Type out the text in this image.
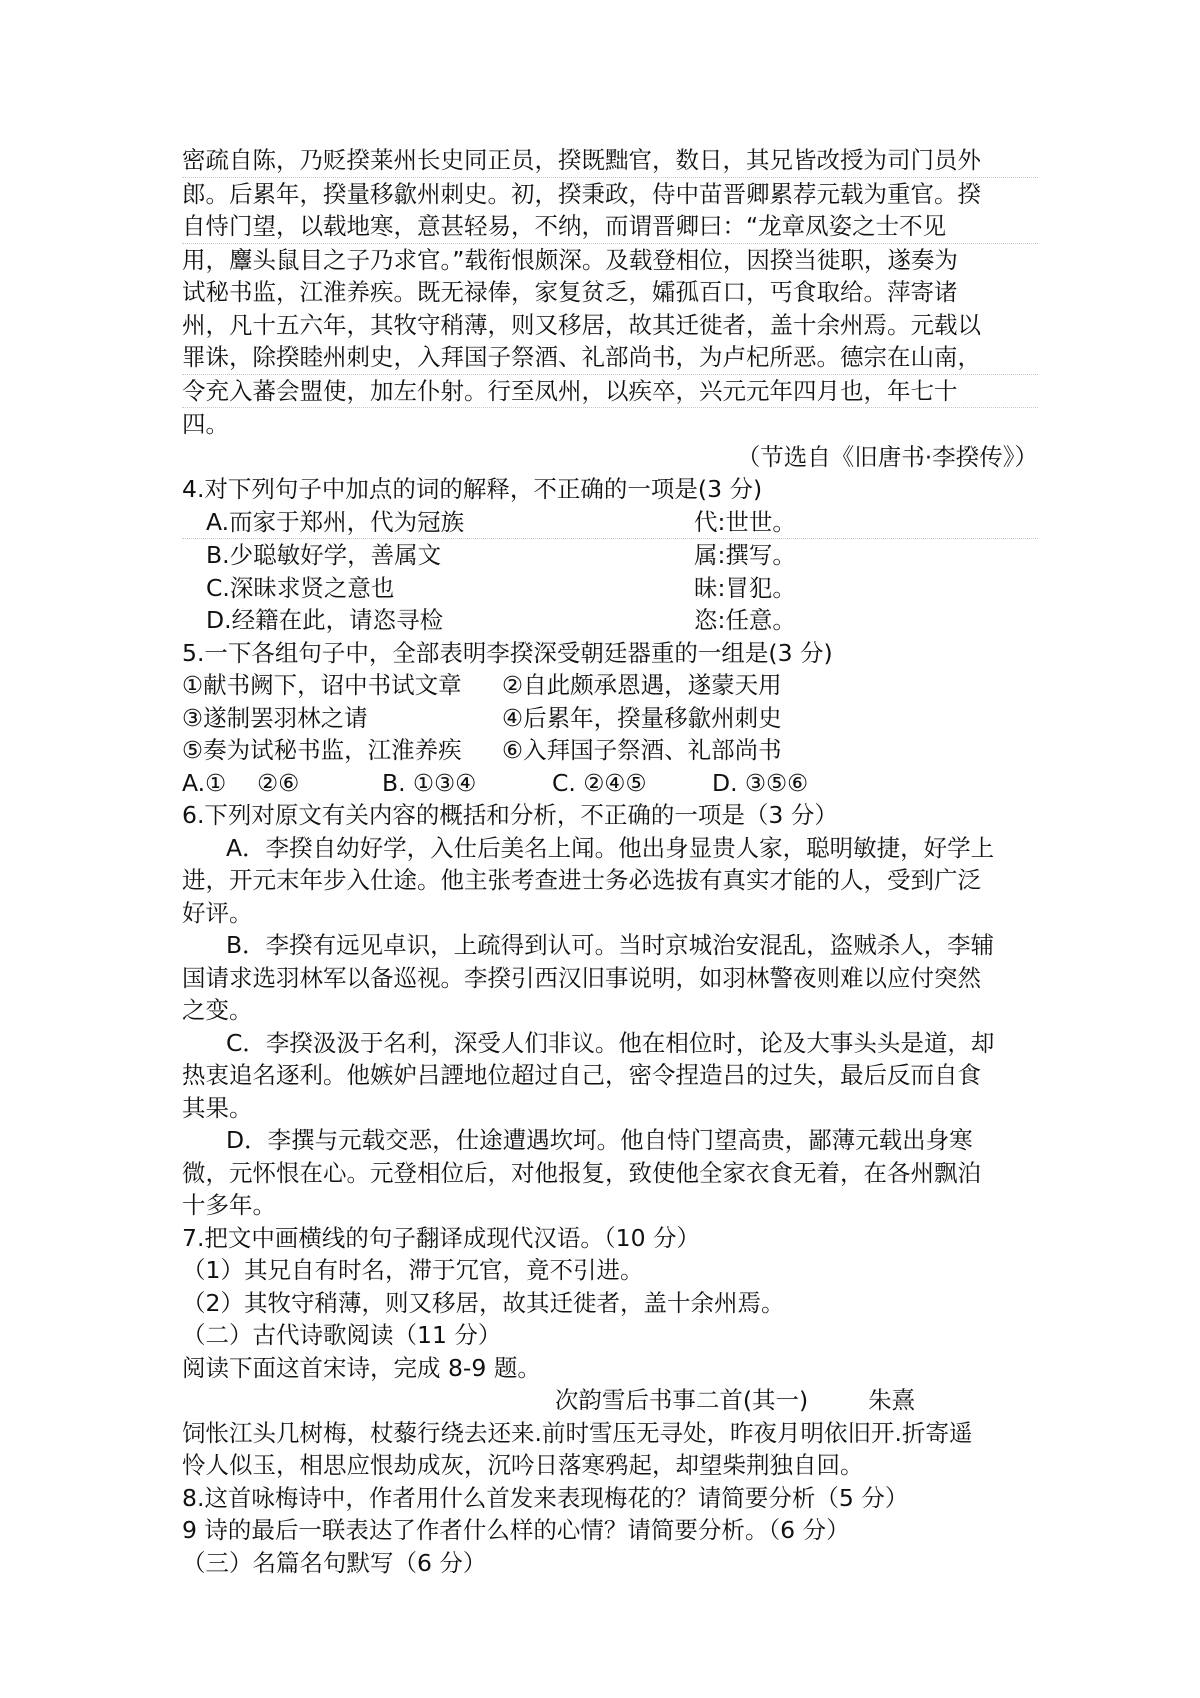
密疏自陈，乃贬揆莱州长史同正员，揆既黜官，数日，其兄皆改授为司门员外
郎。后累年，揆量移歙州刺史。初，揆秉政，侍中苗晋卿累荐元载为重官。揆
自恃门望，以载地寒，意甚轻易，不纳，而谓晋卿曰：“龙章凤姿之士不见
用，麞头鼠目之子乃求官。”载衔恨颇深。及载登相位，因揆当徙职，遂奏为
试秘书监，江淮养疾。既无禄俸，家复贫乏，孀孤百口，丐食取给。萍寄诸
州，凡十五六年，其牧守稍薄，则又移居，故其迁徙者，盖十余州焉。元载以
罪诛，除揆睦州刺史，入拜国子祭酒、礼部尚书，为卢杞所恶。德宗在山南，
令充入蕃会盟使，加左仆射。行至凤州，以疾卒，兴元元年四月也，年七十
四。
（节选自《旧唐书·李揆传》）
4.对下列句子中加点的词的解释，不正确的一项是(3 分)
A.而家于郑州，代为冠族	代:世世。
B.少聪敏好学，善属文	属:撰写。
C.深昧求贤之意也	昧:冒犯。
D.经籍在此，请恣寻检	恣:任意。
5.一下各组句子中，全部表明李揆深受朝廷器重的一组是(3 分)
①献书阙下，诏中书试文章	②自此颇承恩遇，遂蒙天用
③遂制罢羽林之请	④后累年，揆量移歙州刺史
⑤奏为试秘书监，江淮养疾	⑥入拜国子祭酒、礼部尚书
A.①　 ②⑥	B. ①③④	C. ②④⑤	D. ③⑤⑥
6.下列对原文有关内容的概括和分析，不正确的一项是（3 分）
A．李揆自幼好学，入仕后美名上闻。他出身显贵人家，聪明敏捷，好学上
进，开元末年步入仕途。他主张考查进士务必选拔有真实才能的人，受到广泛
好评。
B．李揆有远见卓识，上疏得到认可。当时京城治安混乱，盗贼杀人，李辅
国请求选羽林军以备巡视。李揆引西汉旧事说明，如羽林警夜则难以应付突然
之变。
C．李揆汲汲于名利，深受人们非议。他在相位时，论及大事头头是道，却
热衷追名逐利。他嫉妒吕諲地位超过自己，密令捏造吕的过失，最后反而自食
其果。
D．李撰与元载交恶，仕途遭遇坎坷。他自恃门望高贵，鄙薄元载出身寒
微，元怀恨在心。元登相位后，对他报复，致使他全家衣食无着，在各州飘泊
十多年。
7.把文中画横线的句子翻译成现代汉语。（10 分）
（1）其兄自有时名，滞于冗官，竟不引进。
（2）其牧守稍薄，则又移居，故其迁徙者，盖十余州焉。
（二）古代诗歌阅读（11 分）
阅读下面这首宋诗，完成 8-9 题。
次韵雪后书事二首(其一)	朱熹
饲怅江头几树梅，杖藜行绕去还来.前时雪压无寻处，昨夜月明依旧开.折寄遥
怜人似玉，相思应恨劫成灰，沉吟日落寒鸦起，却望柴荆独自回。
8.这首咏梅诗中，作者用什么首发来表现梅花的？请简要分析（5 分）
9 诗的最后一联表达了作者什么样的心情？请简要分析。（6 分）
（三）名篇名句默写（6 分）
